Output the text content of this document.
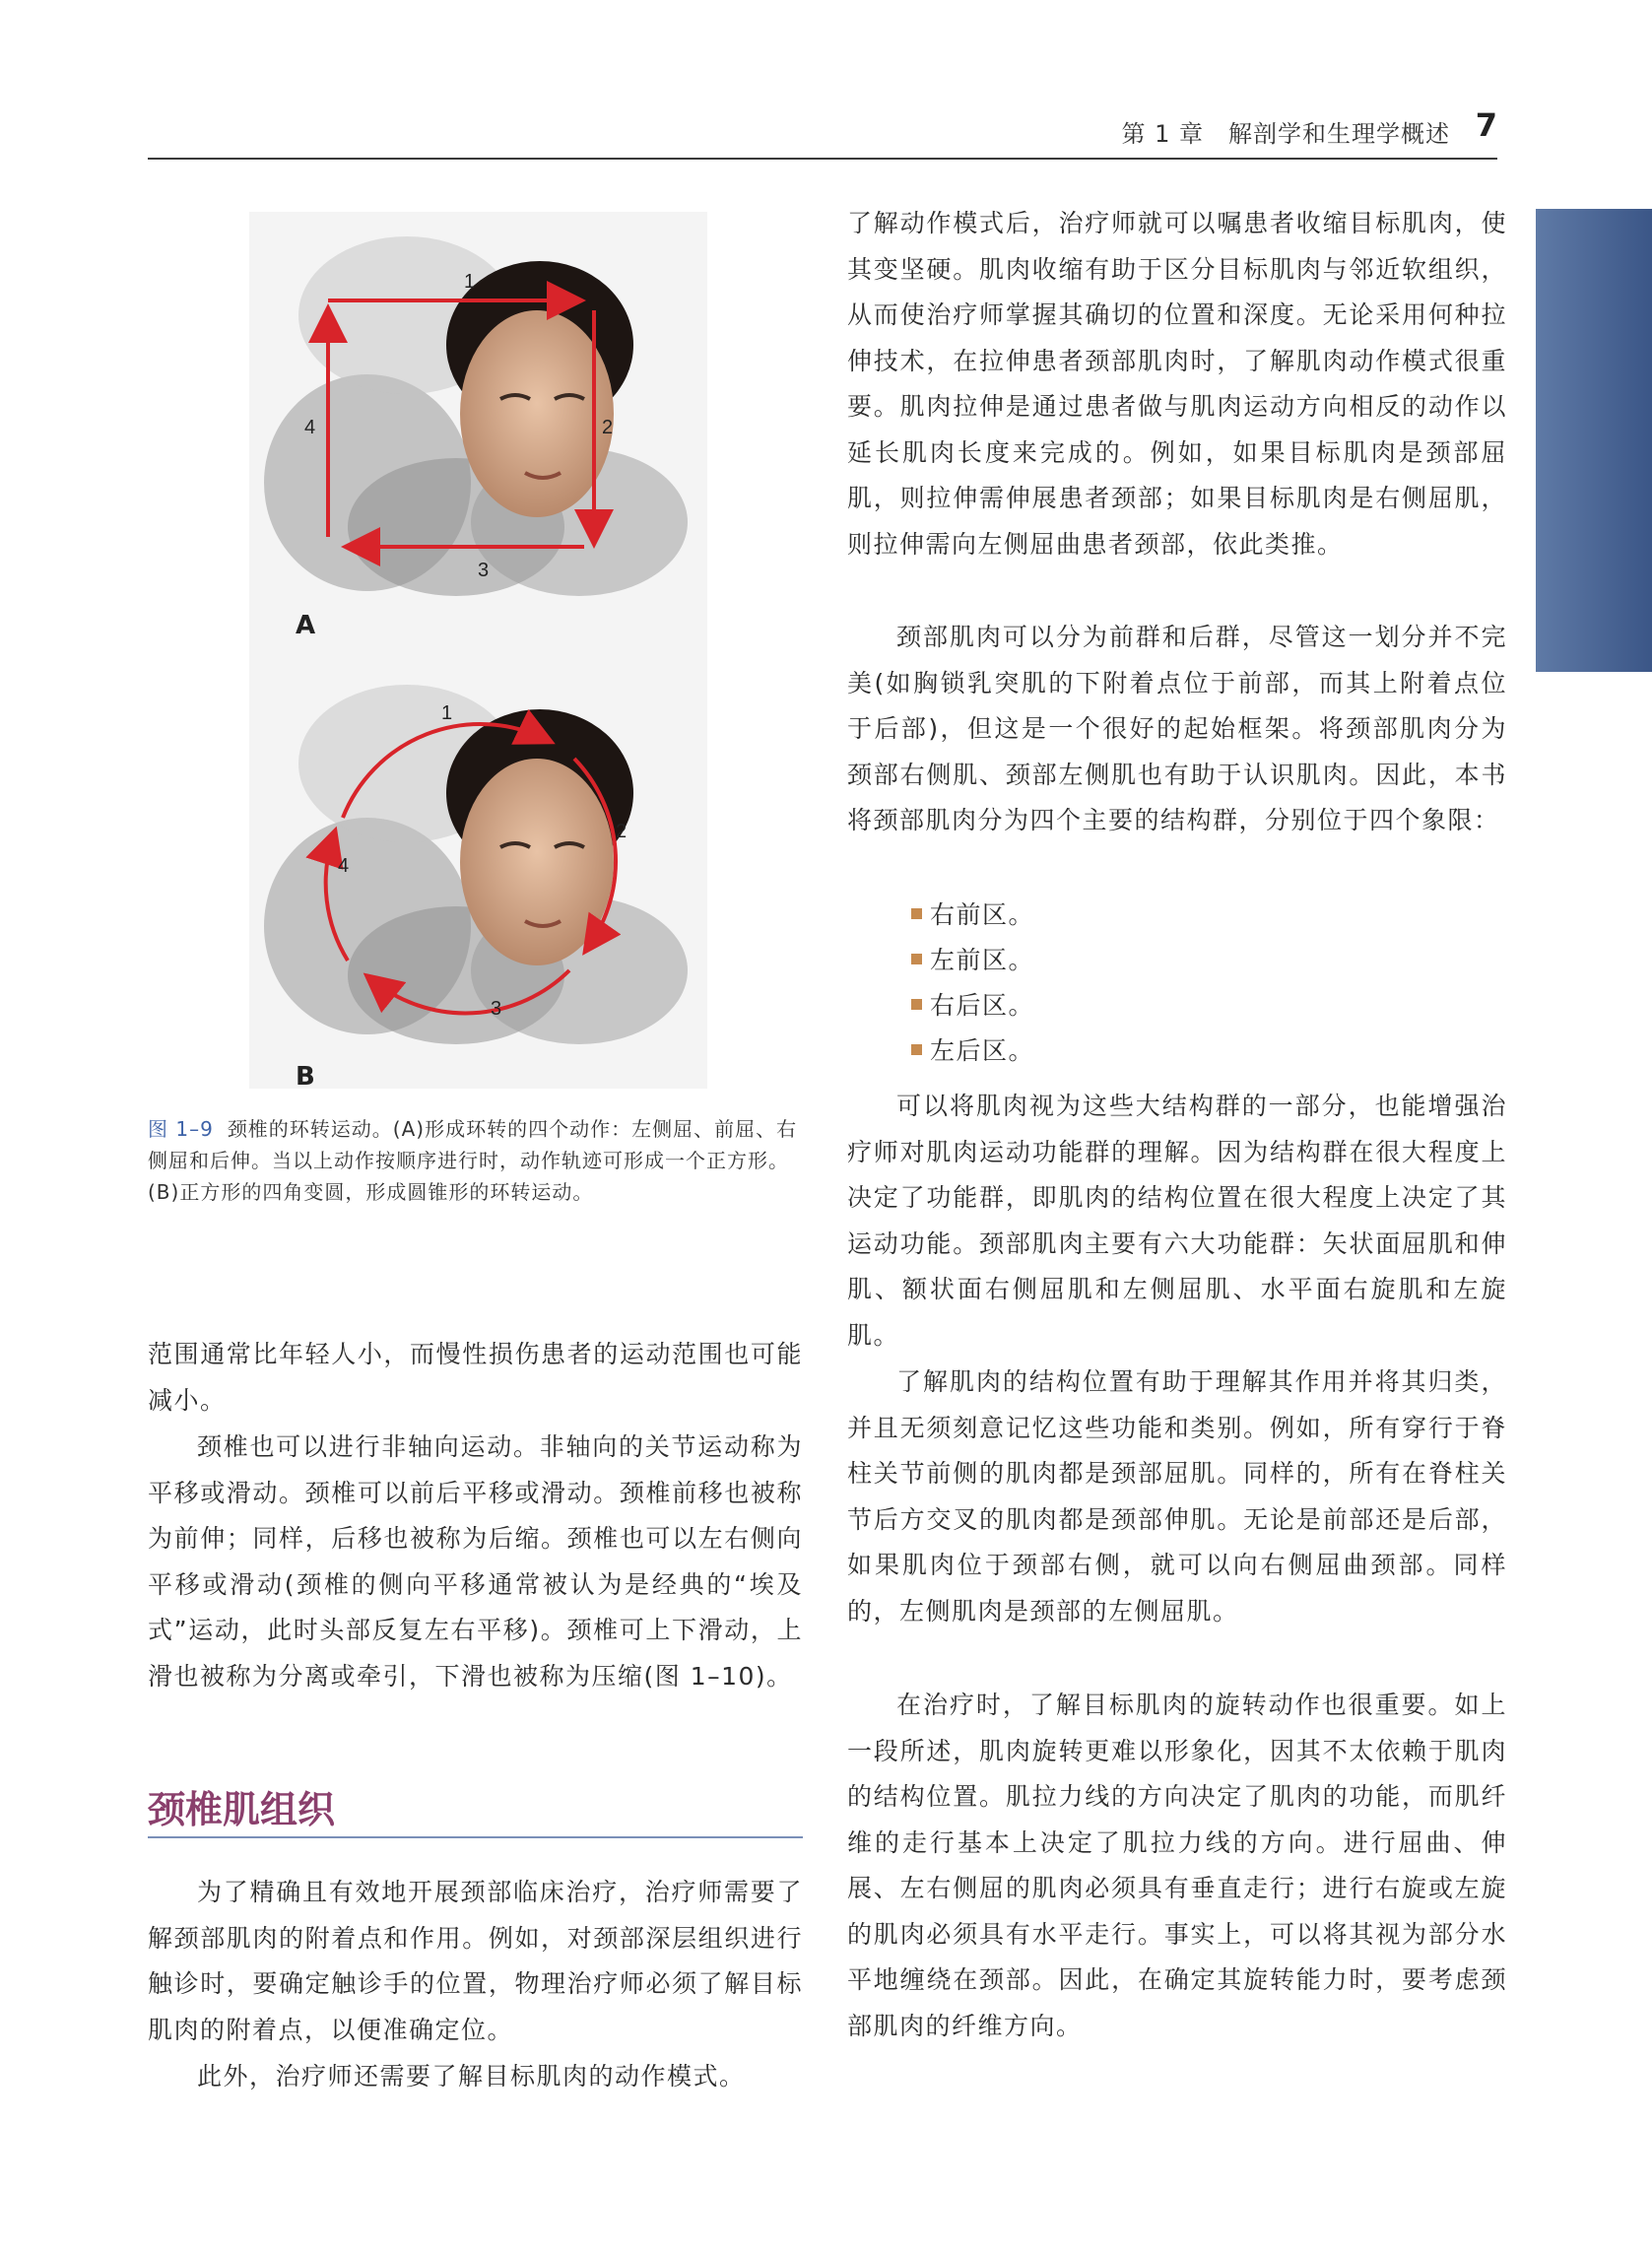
第 1 章　解剖学和生理学概述 7
1
2
3
4
A
1
2
3
4
B
图 1–9 颈椎的环转运动。(A)形成环转的四个动作：左侧屈、前屈、右侧屈和后伸。当以上动作按顺序进行时，动作轨迹可形成一个正方形。(B)正方形的四角变圆，形成圆锥形的环转运动。

范围通常比年轻人小，而慢性损伤患者的运动范围也可能减小。

颈椎也可以进行非轴向运动。非轴向的关节运动称为平移或滑动。颈椎可以前后平移或滑动。颈椎前移也被称为前伸；同样，后移也被称为后缩。颈椎也可以左右侧向平移或滑动(颈椎的侧向平移通常被认为是经典的“埃及式”运动，此时头部反复左右平移)。颈椎可上下滑动，上滑也被称为分离或牵引，下滑也被称为压缩(图 1–10)。

颈椎肌组织

为了精确且有效地开展颈部临床治疗，治疗师需要了解颈部肌肉的附着点和作用。例如，对颈部深层组织进行触诊时，要确定触诊手的位置，物理治疗师必须了解目标肌肉的附着点，以便准确定位。

此外，治疗师还需要了解目标肌肉的动作模式。

了解动作模式后，治疗师就可以嘱患者收缩目标肌肉，使其变坚硬。肌肉收缩有助于区分目标肌肉与邻近软组织，从而使治疗师掌握其确切的位置和深度。无论采用何种拉伸技术，在拉伸患者颈部肌肉时，了解肌肉动作模式很重要。肌肉拉伸是通过患者做与肌肉运动方向相反的动作以延长肌肉长度来完成的。例如，如果目标肌肉是颈部屈肌，则拉伸需伸展患者颈部；如果目标肌肉是右侧屈肌，则拉伸需向左侧屈曲患者颈部，依此类推。

颈部肌肉可以分为前群和后群，尽管这一划分并不完美(如胸锁乳突肌的下附着点位于前部，而其上附着点位于后部)，但这是一个很好的起始框架。将颈部肌肉分为颈部右侧肌、颈部左侧肌也有助于认识肌肉。因此，本书将颈部肌肉分为四个主要的结构群，分别位于四个象限：

右前区。
左前区。
右后区。
左后区。

可以将肌肉视为这些大结构群的一部分，也能增强治疗师对肌肉运动功能群的理解。因为结构群在很大程度上决定了功能群，即肌肉的结构位置在很大程度上决定了其运动功能。颈部肌肉主要有六大功能群：矢状面屈肌和伸肌、额状面右侧屈肌和左侧屈肌、水平面右旋肌和左旋肌。

了解肌肉的结构位置有助于理解其作用并将其归类，并且无须刻意记忆这些功能和类别。例如，所有穿行于脊柱关节前侧的肌肉都是颈部屈肌。同样的，所有在脊柱关节后方交叉的肌肉都是颈部伸肌。无论是前部还是后部，如果肌肉位于颈部右侧，就可以向右侧屈曲颈部。同样的，左侧肌肉是颈部的左侧屈肌。

在治疗时，了解目标肌肉的旋转动作也很重要。如上一段所述，肌肉旋转更难以形象化，因其不太依赖于肌肉的结构位置。肌拉力线的方向决定了肌肉的功能，而肌纤维的走行基本上决定了肌拉力线的方向。进行屈曲、伸展、左右侧屈的肌肉必须具有垂直走行；进行右旋或左旋的肌肉必须具有水平走行。事实上，可以将其视为部分水平地缠绕在颈部。因此，在确定其旋转能力时，要考虑颈部肌肉的纤维方向。
